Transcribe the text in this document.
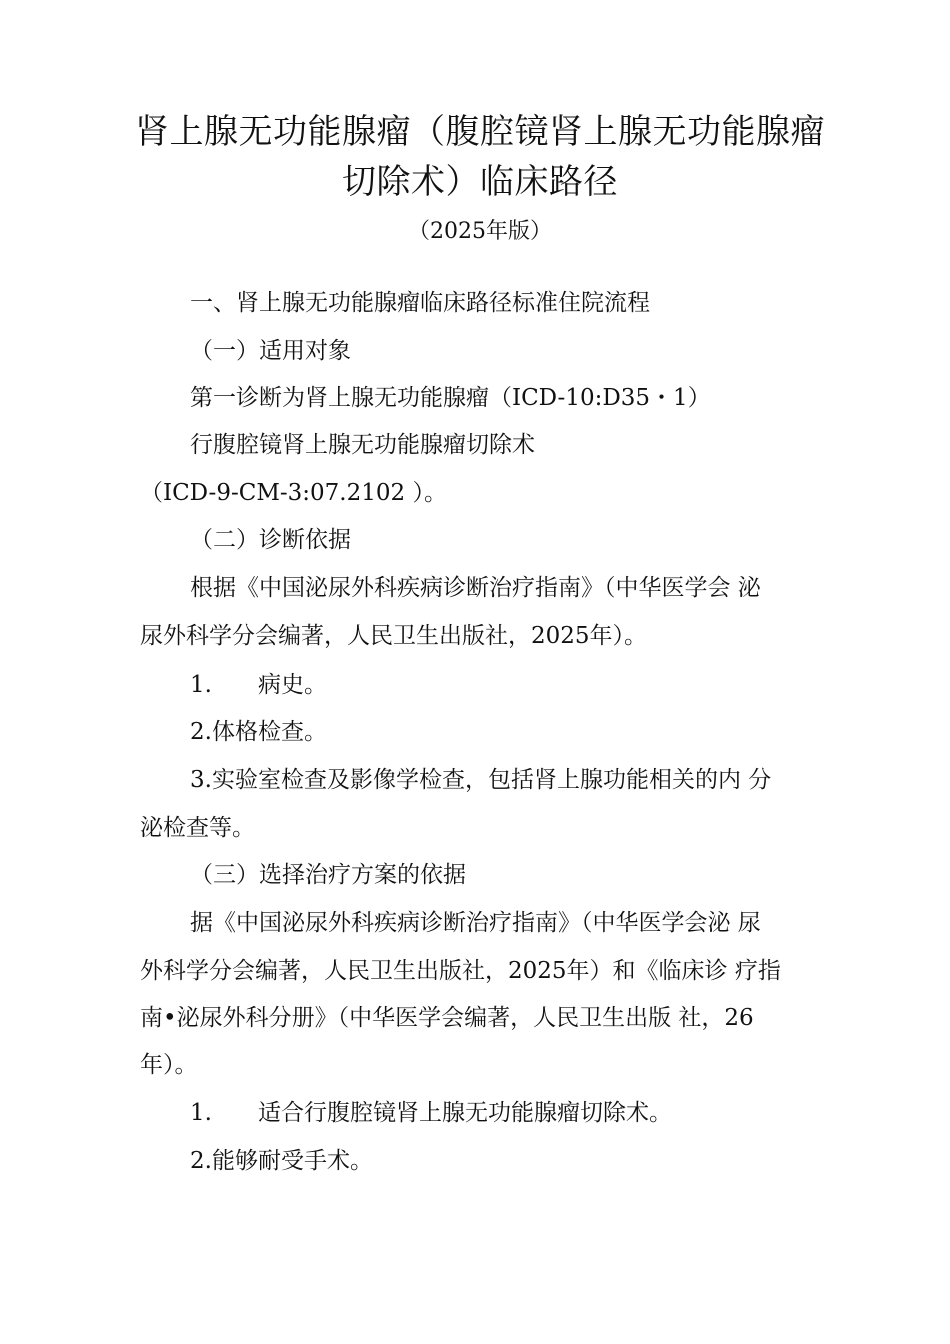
肾上腺无功能腺瘤（腹腔镜肾上腺无功能腺瘤
切除术）临床路径
（2025年版）
一、肾上腺无功能腺瘤临床路径标准住院流程
（一）适用对象
第一诊断为肾上腺无功能腺瘤（ICD-10:D35・1）
行腹腔镜肾上腺无功能腺瘤切除术
（ICD-9-CM-3:07.2102 ）。
（二）诊断依据
根据《中国泌尿外科疾病诊断治疗指南》（中华医学会 泌
尿外科学分会编著，人民卫生出版社，2025年）。
1.　　病史。
2.体格检查。
3.实验室检查及影像学检查，包括肾上腺功能相关的内 分
泌检查等。
（三）选择治疗方案的依据
据《中国泌尿外科疾病诊断治疗指南》（中华医学会泌 尿
外科学分会编著，人民卫生出版社，2025年）和《临床诊 疗指
南•泌尿外科分册》（中华医学会编著，人民卫生出版 社，26
年）。
1.　　适合行腹腔镜肾上腺无功能腺瘤切除术。
2.能够耐受手术。
